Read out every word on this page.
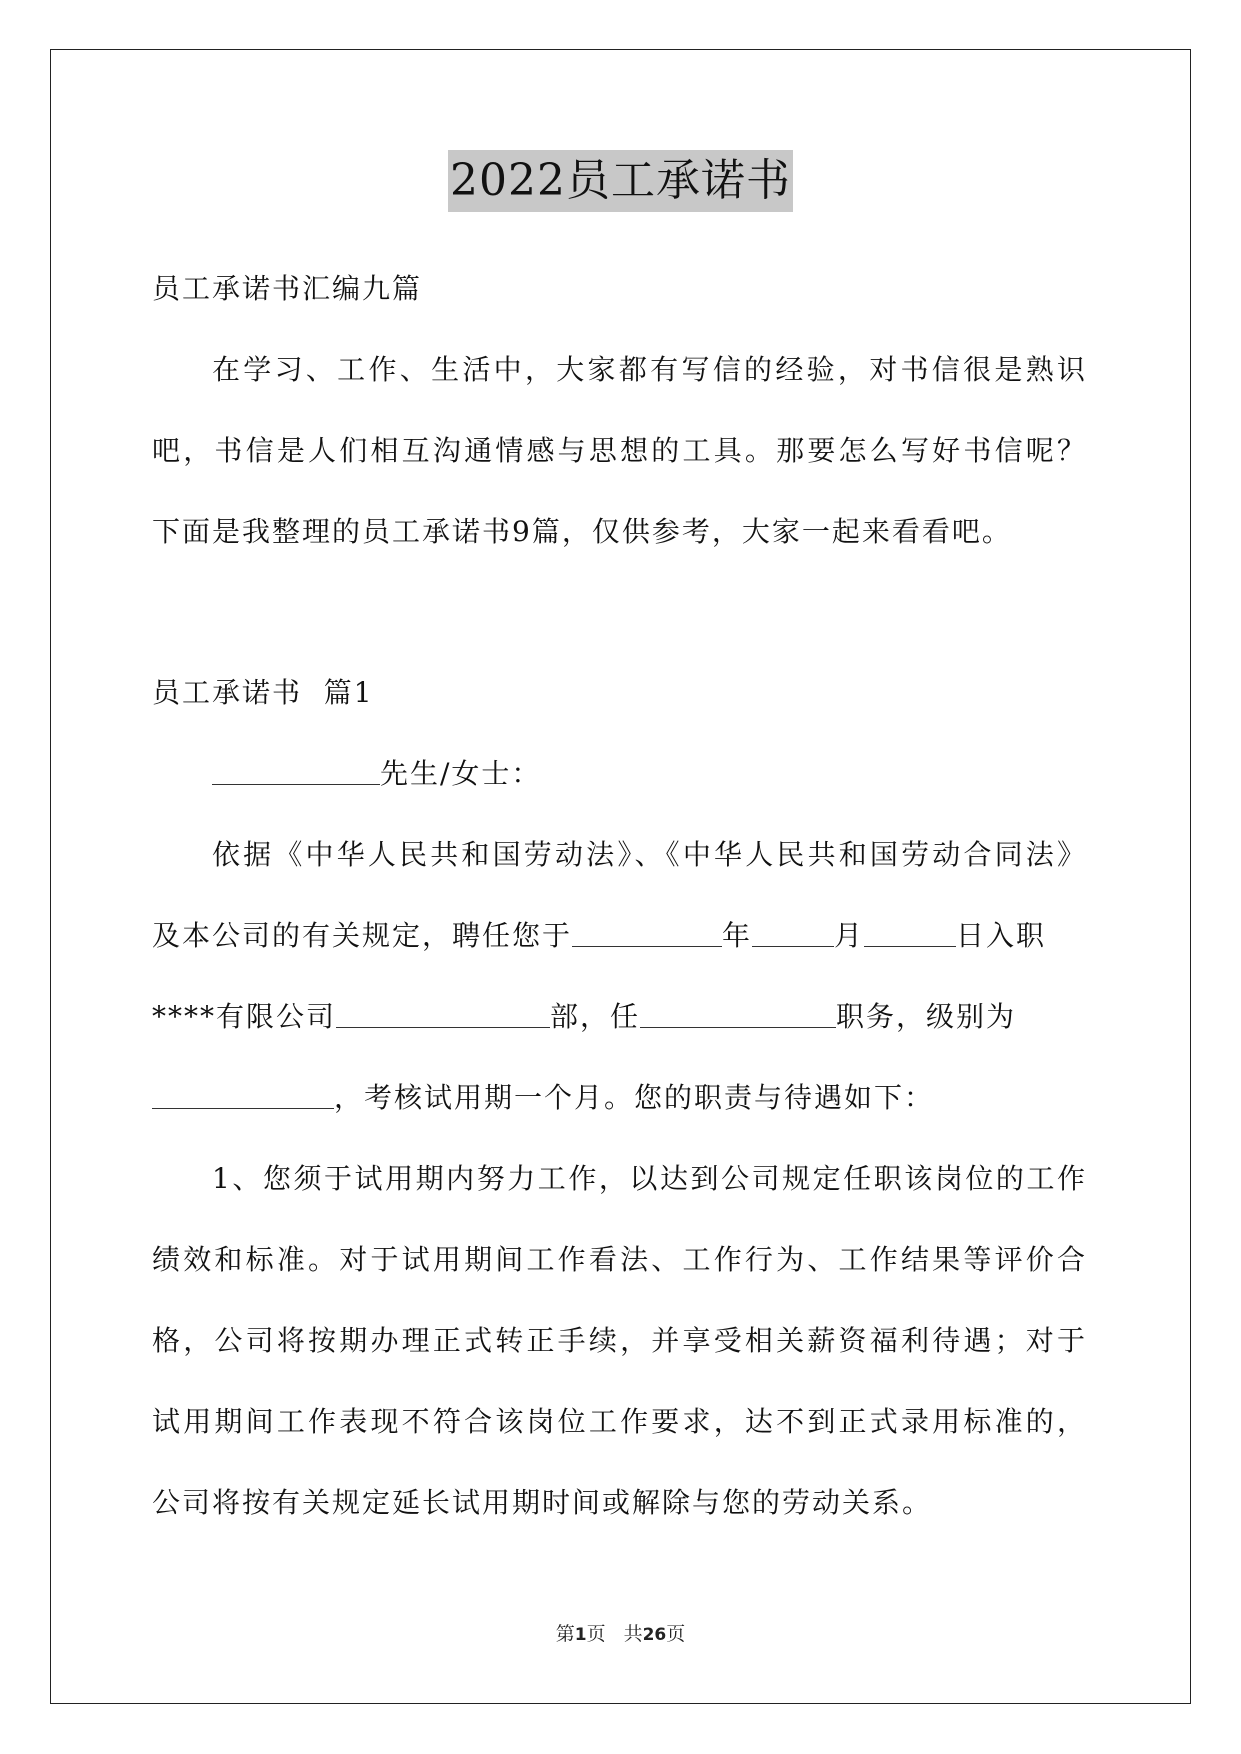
2022员工承诺书
员工承诺书汇编九篇
在学习、工作、生活中，大家都有写信的经验，对书信很是熟识
吧，书信是人们相互沟通情感与思想的工具。那要怎么写好书信呢？
下面是我整理的员工承诺书9篇，仅供参考，大家一起来看看吧。
员工承诺书  篇1
先生/女士：
依据《中华人民共和国劳动法》、《中华人民共和国劳动合同法》
及本公司的有关规定，聘任您于	年	月	日入职
****有限公司	部，任	职务，级别为
，考核试用期一个月。您的职责与待遇如下：
1、您须于试用期内努力工作，以达到公司规定任职该岗位的工作
绩效和标准。对于试用期间工作看法、工作行为、工作结果等评价合
格，公司将按期办理正式转正手续，并享受相关薪资福利待遇；对于
试用期间工作表现不符合该岗位工作要求，达不到正式录用标准的，
公司将按有关规定延长试用期时间或解除与您的劳动关系。
第1页 共26页
